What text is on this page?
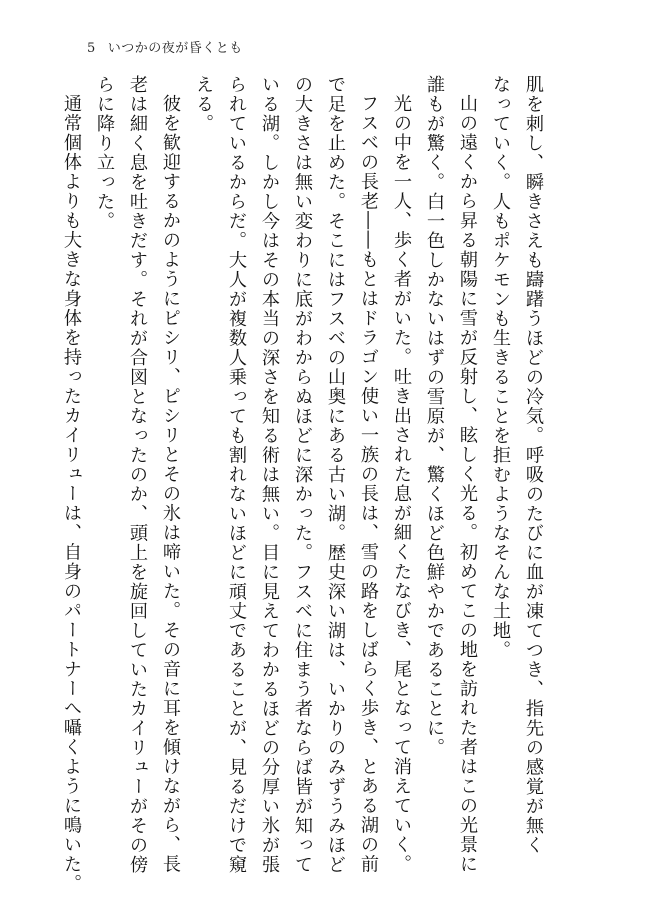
5 いつかの夜が昏くとも
肌を刺し、瞬きさえも躊躇うほどの冷気。呼吸のたびに血が凍てつき、指先の感覚が無く
なっていく。人もポケモンも生きることを拒むようなそんな土地。
山の遠くから昇る朝陽に雪が反射し、眩しく光る。初めてこの地を訪れた者はこの光景に
誰もが驚く。白一色しかないはずの雪原が、驚くほど色鮮やかであることに。
光の中を一人、歩く者がいた。吐き出された息が細くたなびき、尾となって消えていく。
フスベの長老――もとはドラゴン使い一族の長は、雪の路をしばらく歩き、とある湖の前
で足を止めた。そこにはフスベの山奥にある古い湖。歴史深い湖は、いかりのみずうみほど
の大きさは無い変わりに底がわからぬほどに深かった。フスベに住まう者ならば皆が知って
いる湖。しかし今はその本当の深さを知る術は無い。目に見えてわかるほどの分厚い氷が張
られているからだ。大人が複数人乗っても割れないほどに頑丈であることが、見るだけで窺
える。
彼を歓迎するかのようにピシリ、ピシリとその氷は啼いた。その音に耳を傾けながら、長
老は細く息を吐きだす。それが合図となったのか、頭上を旋回していたカイリューがその傍
らに降り立った。
通常個体よりも大きな身体を持ったカイリューは、自身のパートナーへ囁くように鳴いた。
